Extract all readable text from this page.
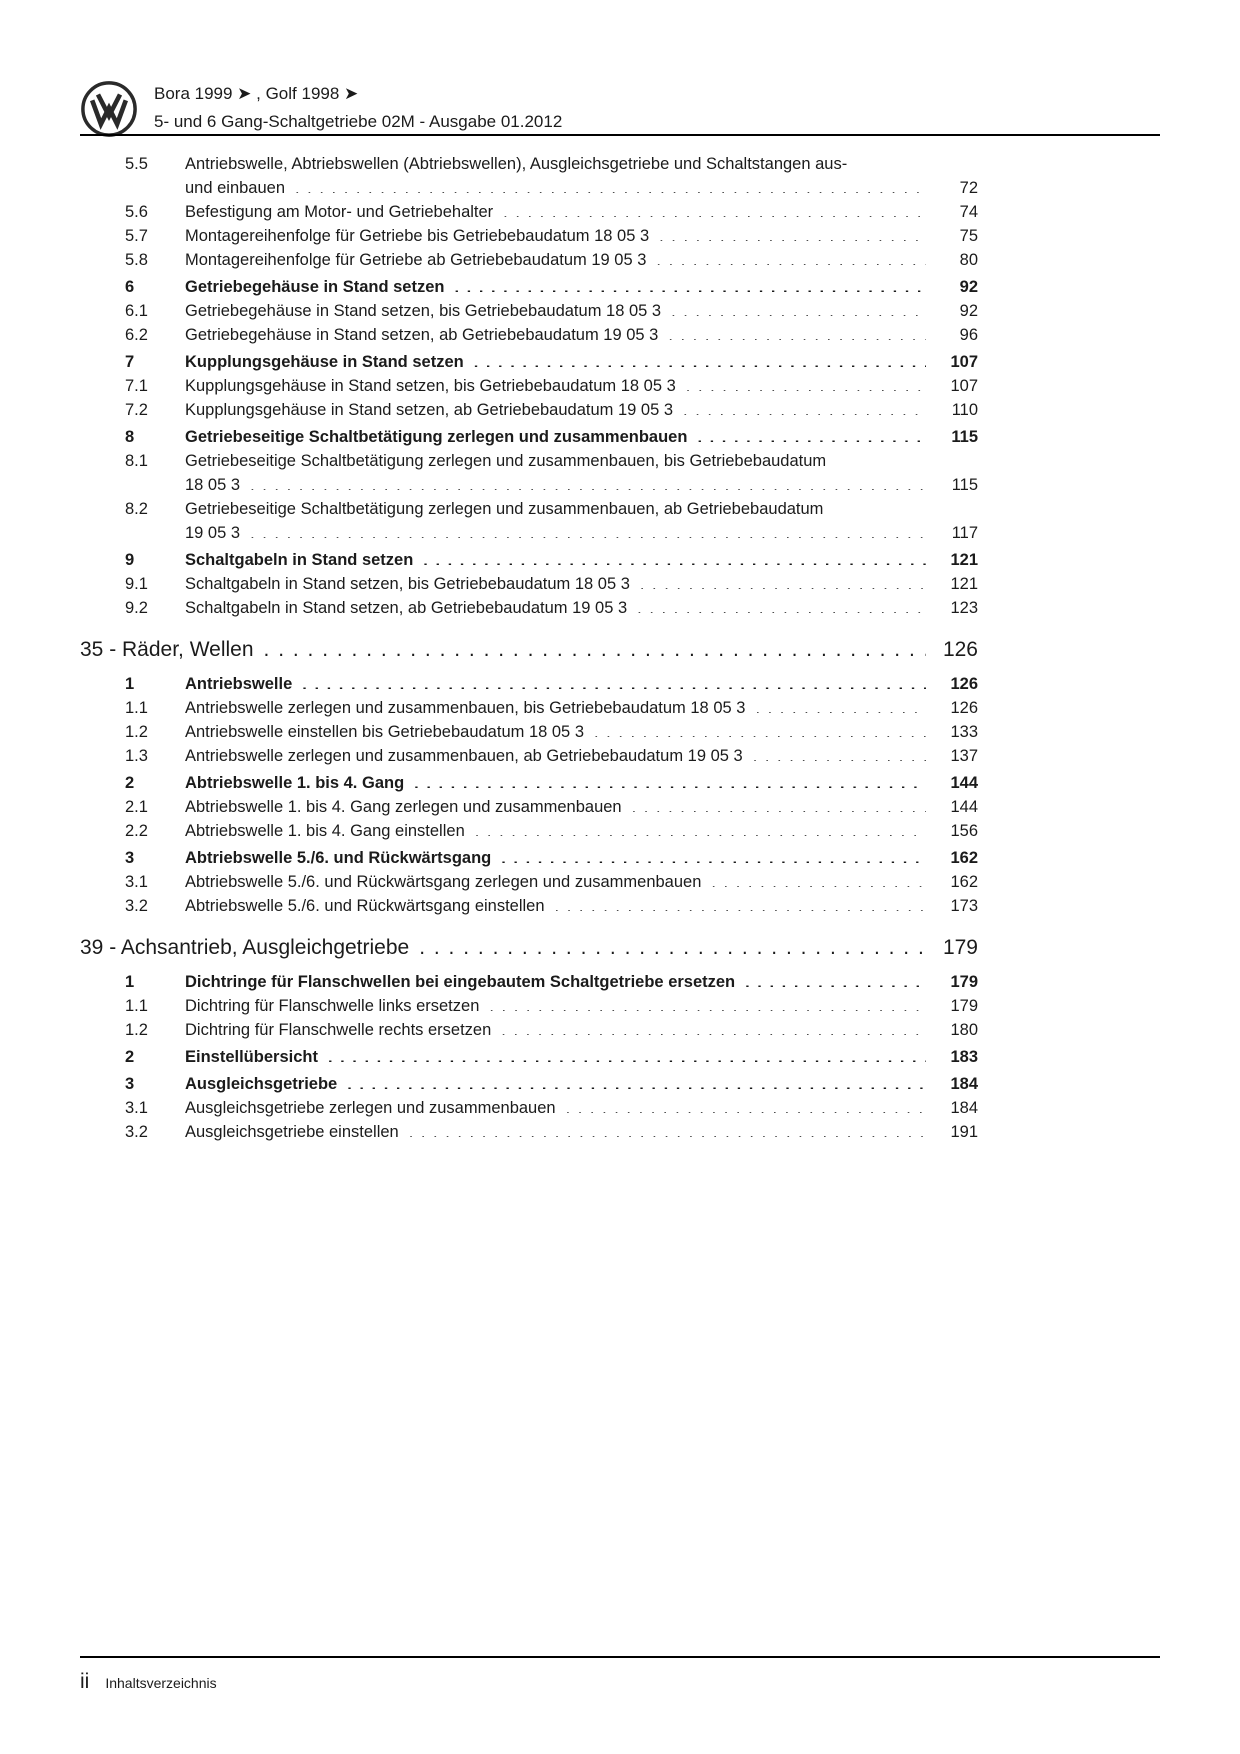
Bora 1999 ➤ , Golf 1998 ➤
5- und 6 Gang-Schaltgetriebe 02M - Ausgabe 01.2012
5.5	Antriebswelle, Abtriebswellen (Abtriebswellen), Ausgleichsgetriebe und Schaltstangen aus-
und einbauen . . .	72
5.6	Befestigung am Motor- und Getriebehalter . . .	74
5.7	Montagereihenfolge für Getriebe bis Getriebebaudatum 18 05 3 . . .	75
5.8	Montagereihenfolge für Getriebe ab Getriebebaudatum 19 05 3 . . .	80
6	Getriebegehäuse in Stand setzen . . .	92
6.1	Getriebegehäuse in Stand setzen, bis Getriebebaudatum 18 05 3 . . .	92
6.2	Getriebegehäuse in Stand setzen, ab Getriebebaudatum 19 05 3 . . .	96
7	Kupplungsgehäuse in Stand setzen . . .	107
7.1	Kupplungsgehäuse in Stand setzen, bis Getriebebaudatum 18 05 3 . . .	107
7.2	Kupplungsgehäuse in Stand setzen, ab Getriebebaudatum 19 05 3 . . .	110
8	Getriebeseitige Schaltbetätigung zerlegen und zusammenbauen . . .	115
8.1	Getriebeseitige Schaltbetätigung zerlegen und zusammenbauen, bis Getriebebaudatum
18 05 3 . . .	115
8.2	Getriebeseitige Schaltbetätigung zerlegen und zusammenbauen, ab Getriebebaudatum
19 05 3 . . .	117
9	Schaltgabeln in Stand setzen . . .	121
9.1	Schaltgabeln in Stand setzen, bis Getriebebaudatum 18 05 3 . . .	121
9.2	Schaltgabeln in Stand setzen, ab Getriebebaudatum 19 05 3 . . .	123
35 - Räder, Wellen . . .	126
1	Antriebswelle . . .	126
1.1	Antriebswelle zerlegen und zusammenbauen, bis Getriebebaudatum 18 05 3 . . .	126
1.2	Antriebswelle einstellen bis Getriebebaudatum 18 05 3 . . .	133
1.3	Antriebswelle zerlegen und zusammenbauen, ab Getriebebaudatum 19 05 3 . . .	137
2	Abtriebswelle 1. bis 4. Gang . . .	144
2.1	Abtriebswelle 1. bis 4. Gang zerlegen und zusammenbauen . . .	144
2.2	Abtriebswelle 1. bis 4. Gang einstellen . . .	156
3	Abtriebswelle 5./6. und Rückwärtsgang . . .	162
3.1	Abtriebswelle 5./6. und Rückwärtsgang zerlegen und zusammenbauen . . .	162
3.2	Abtriebswelle 5./6. und Rückwärtsgang einstellen . . .	173
39 - Achsantrieb, Ausgleichgetriebe . . .	179
1	Dichtringe für Flanschwellen bei eingebautem Schaltgetriebe ersetzen . . .	179
1.1	Dichtring für Flanschwelle links ersetzen . . .	179
1.2	Dichtring für Flanschwelle rechts ersetzen . . .	180
2	Einstellübersicht . . .	183
3	Ausgleichsgetriebe . . .	184
3.1	Ausgleichsgetriebe zerlegen und zusammenbauen . . .	184
3.2	Ausgleichsgetriebe einstellen . . .	191
ii Inhaltsverzeichnis
